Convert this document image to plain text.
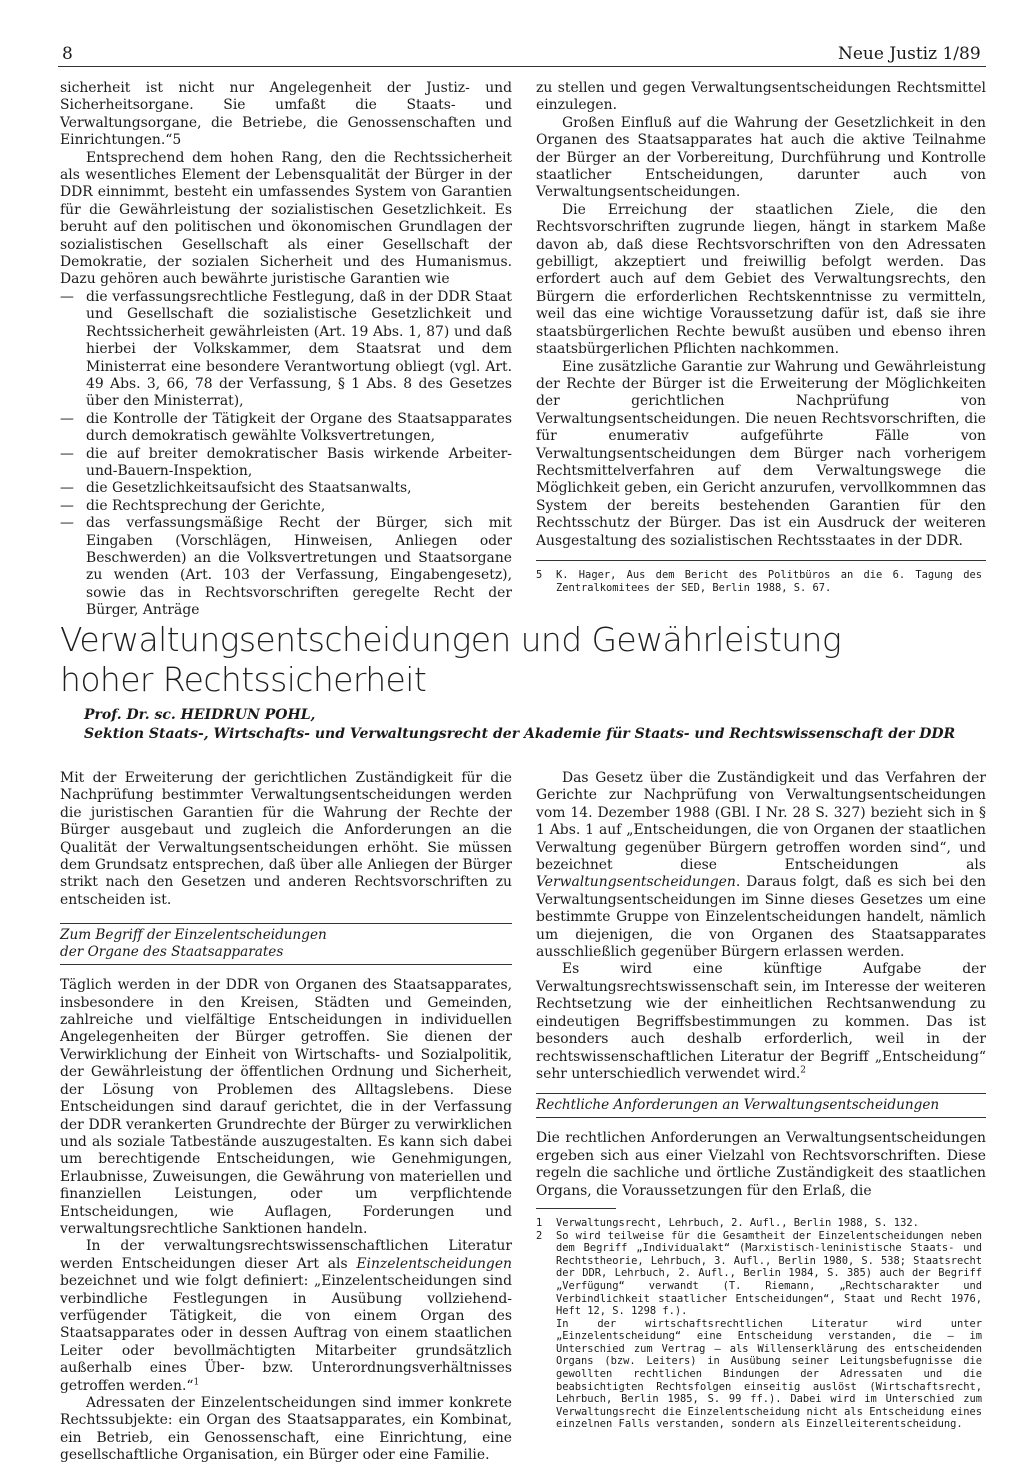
8	Neue Justiz 1/89

sicherheit ist nicht nur Angelegenheit der Justiz- und Sicherheitsorgane. Sie umfaßt die Staats- und Verwaltungsorgane, die Betriebe, die Genossenschaften und Einrichtungen.“5

Entsprechend dem hohen Rang, den die Rechtssicherheit als wesentliches Element der Lebensqualität der Bürger in der DDR einnimmt, besteht ein umfassendes System von Garantien für die Gewährleistung der sozialistischen Gesetzlichkeit. Es beruht auf den politischen und ökonomischen Grundlagen der sozialistischen Gesellschaft als einer Gesellschaft der Demokratie, der sozialen Sicherheit und des Humanismus. Dazu gehören auch bewährte juristische Garantien wie

— die verfassungsrechtliche Festlegung, daß in der DDR Staat und Gesellschaft die sozialistische Gesetzlichkeit und Rechtssicherheit gewährleisten (Art. 19 Abs. 1, 87) und daß hierbei der Volkskammer, dem Staatsrat und dem Ministerrat eine besondere Verantwortung obliegt (vgl. Art. 49 Abs. 3, 66, 78 der Verfassung, § 1 Abs. 8 des Gesetzes über den Ministerrat),
— die Kontrolle der Tätigkeit der Organe des Staatsapparates durch demokratisch gewählte Volksvertretungen,
— die auf breiter demokratischer Basis wirkende Arbeiter-und-Bauern-Inspektion,
— die Gesetzlichkeitsaufsicht des Staatsanwalts,
— die Rechtsprechung der Gerichte,
— das verfassungsmäßige Recht der Bürger, sich mit Eingaben (Vorschlägen, Hinweisen, Anliegen oder Beschwerden) an die Volksvertretungen und Staatsorgane zu wenden (Art. 103 der Verfassung, Eingabengesetz), sowie das in Rechtsvorschriften geregelte Recht der Bürger, Anträge

zu stellen und gegen Verwaltungsentscheidungen Rechtsmittel einzulegen.

Großen Einfluß auf die Wahrung der Gesetzlichkeit in den Organen des Staatsapparates hat auch die aktive Teilnahme der Bürger an der Vorbereitung, Durchführung und Kontrolle staatlicher Entscheidungen, darunter auch von Verwaltungsentscheidungen.

Die Erreichung der staatlichen Ziele, die den Rechtsvorschriften zugrunde liegen, hängt in starkem Maße davon ab, daß diese Rechtsvorschriften von den Adressaten gebilligt, akzeptiert und freiwillig befolgt werden. Das erfordert auch auf dem Gebiet des Verwaltungsrechts, den Bürgern die erforderlichen Rechtskenntnisse zu vermitteln, weil das eine wichtige Voraussetzung dafür ist, daß sie ihre staatsbürgerlichen Rechte bewußt ausüben und ebenso ihren staatsbürgerlichen Pflichten nachkommen.

Eine zusätzliche Garantie zur Wahrung und Gewährleistung der Rechte der Bürger ist die Erweiterung der Möglichkeiten der gerichtlichen Nachprüfung von Verwaltungsentscheidungen. Die neuen Rechtsvorschriften, die für enumerativ aufgeführte Fälle von Verwaltungsentscheidungen dem Bürger nach vorherigem Rechtsmittelverfahren auf dem Verwaltungswege die Möglichkeit geben, ein Gericht anzurufen, vervollkommnen das System der bereits bestehenden Garantien für den Rechtsschutz der Bürger. Das ist ein Ausdruck der weiteren Ausgestaltung des sozialistischen Rechtsstaates in der DDR.

5 K. Hager, Aus dem Bericht des Politbüros an die 6. Tagung des Zentralkomitees der SED, Berlin 1988, S. 67.
Verwaltungsentscheidungen und Gewährleistung
hoher Rechtssicherheit
Prof. Dr. sc. HEIDRUN POHL,
Sektion Staats-, Wirtschafts- und Verwaltungsrecht der Akademie für Staats- und Rechtswissenschaft der DDR

Mit der Erweiterung der gerichtlichen Zuständigkeit für die Nachprüfung bestimmter Verwaltungsentscheidungen werden die juristischen Garantien für die Wahrung der Rechte der Bürger ausgebaut und zugleich die Anforderungen an die Qualität der Verwaltungsentscheidungen erhöht. Sie müssen dem Grundsatz entsprechen, daß über alle Anliegen der Bürger strikt nach den Gesetzen und anderen Rechtsvorschriften zu entscheiden ist.

Zum Begriff der Einzelentscheidungen
der Organe des Staatsapparates

Täglich werden in der DDR von Organen des Staatsapparates, insbesondere in den Kreisen, Städten und Gemeinden, zahlreiche und vielfältige Entscheidungen in individuellen Angelegenheiten der Bürger getroffen. Sie dienen der Verwirklichung der Einheit von Wirtschafts- und Sozialpolitik, der Gewährleistung der öffentlichen Ordnung und Sicherheit, der Lösung von Problemen des Alltagslebens. Diese Entscheidungen sind darauf gerichtet, die in der Verfassung der DDR verankerten Grundrechte der Bürger zu verwirklichen und als soziale Tatbestände auszugestalten. Es kann sich dabei um berechtigende Entscheidungen, wie Genehmigungen, Erlaubnisse, Zuweisungen, die Gewährung von materiellen und finanziellen Leistungen, oder um verpflichtende Entscheidungen, wie Auflagen, Forderungen und verwaltungsrechtliche Sanktionen handeln.

In der verwaltungsrechtswissenschaftlichen Literatur werden Entscheidungen dieser Art als Einzelentscheidungen bezeichnet und wie folgt definiert: „Einzelentscheidungen sind verbindliche Festlegungen in Ausübung vollziehend-verfügender Tätigkeit, die von einem Organ des Staatsapparates oder in dessen Auftrag von einem staatlichen Leiter oder bevollmächtigten Mitarbeiter grundsätzlich außerhalb eines Über- bzw. Unterordnungsverhältnisses getroffen werden.“$^1$

Adressaten der Einzelentscheidungen sind immer konkrete Rechtssubjekte: ein Organ des Staatsapparates, ein Kombinat, ein Betrieb, ein Genossenschaft, eine Einrichtung, eine gesellschaftliche Organisation, ein Bürger oder eine Familie.

Das Gesetz über die Zuständigkeit und das Verfahren der Gerichte zur Nachprüfung von Verwaltungsentscheidungen vom 14. Dezember 1988 (GBl. I Nr. 28 S. 327) bezieht sich in § 1 Abs. 1 auf „Entscheidungen, die von Organen der staatlichen Verwaltung gegenüber Bürgern getroffen worden sind“, und bezeichnet diese Entscheidungen als Verwaltungsentscheidungen. Daraus folgt, daß es sich bei den Verwaltungsentscheidungen im Sinne dieses Gesetzes um eine bestimmte Gruppe von Einzelentscheidungen handelt, nämlich um diejenigen, die von Organen des Staatsapparates ausschließlich gegenüber Bürgern erlassen werden.

Es wird eine künftige Aufgabe der Verwaltungsrechtswissenschaft sein, im Interesse der weiteren Rechtsetzung wie der einheitlichen Rechtsanwendung zu eindeutigen Begriffsbestimmungen zu kommen. Das ist besonders auch deshalb erforderlich, weil in der rechtswissenschaftlichen Literatur der Begriff „Entscheidung“ sehr unterschiedlich verwendet wird.$^2$

Rechtliche Anforderungen an Verwaltungsentscheidungen

Die rechtlichen Anforderungen an Verwaltungsentscheidungen ergeben sich aus einer Vielzahl von Rechtsvorschriften. Diese regeln die sachliche und örtliche Zuständigkeit des staatlichen Organs, die Voraussetzungen für den Erlaß, die

1 Verwaltungsrecht, Lehrbuch, 2. Aufl., Berlin 1988, S. 132.
2 So wird teilweise für die Gesamtheit der Einzelentscheidungen neben dem Begriff „Individualakt“ (Marxistisch-leninistische Staats- und Rechtstheorie, Lehrbuch, 3. Aufl., Berlin 1980, S. 538; Staatsrecht der DDR, Lehrbuch, 2. Aufl., Berlin 1984, S. 385) auch der Begriff „Verfügung“ verwandt (T. Riemann, „Rechtscharakter und Verbindlichkeit staatlicher Entscheidungen“, Staat und Recht 1976, Heft 12, S. 1298 f.).
In der wirtschaftsrechtlichen Literatur wird unter „Einzelentscheidung“ eine Entscheidung verstanden, die – im Unterschied zum Vertrag – als Willenserklärung des entscheidenden Organs (bzw. Leiters) in Ausübung seiner Leitungsbefugnisse die gewollten rechtlichen Bindungen der Adressaten und die beabsichtigten Rechtsfolgen einseitig auslöst (Wirtschaftsrecht, Lehrbuch, Berlin 1985, S. 99 ff.). Dabei wird im Unterschied zum Verwaltungsrecht die Einzelentscheidung nicht als Entscheidung eines einzelnen Falls verstanden, sondern als Einzelleiterentscheidung.
